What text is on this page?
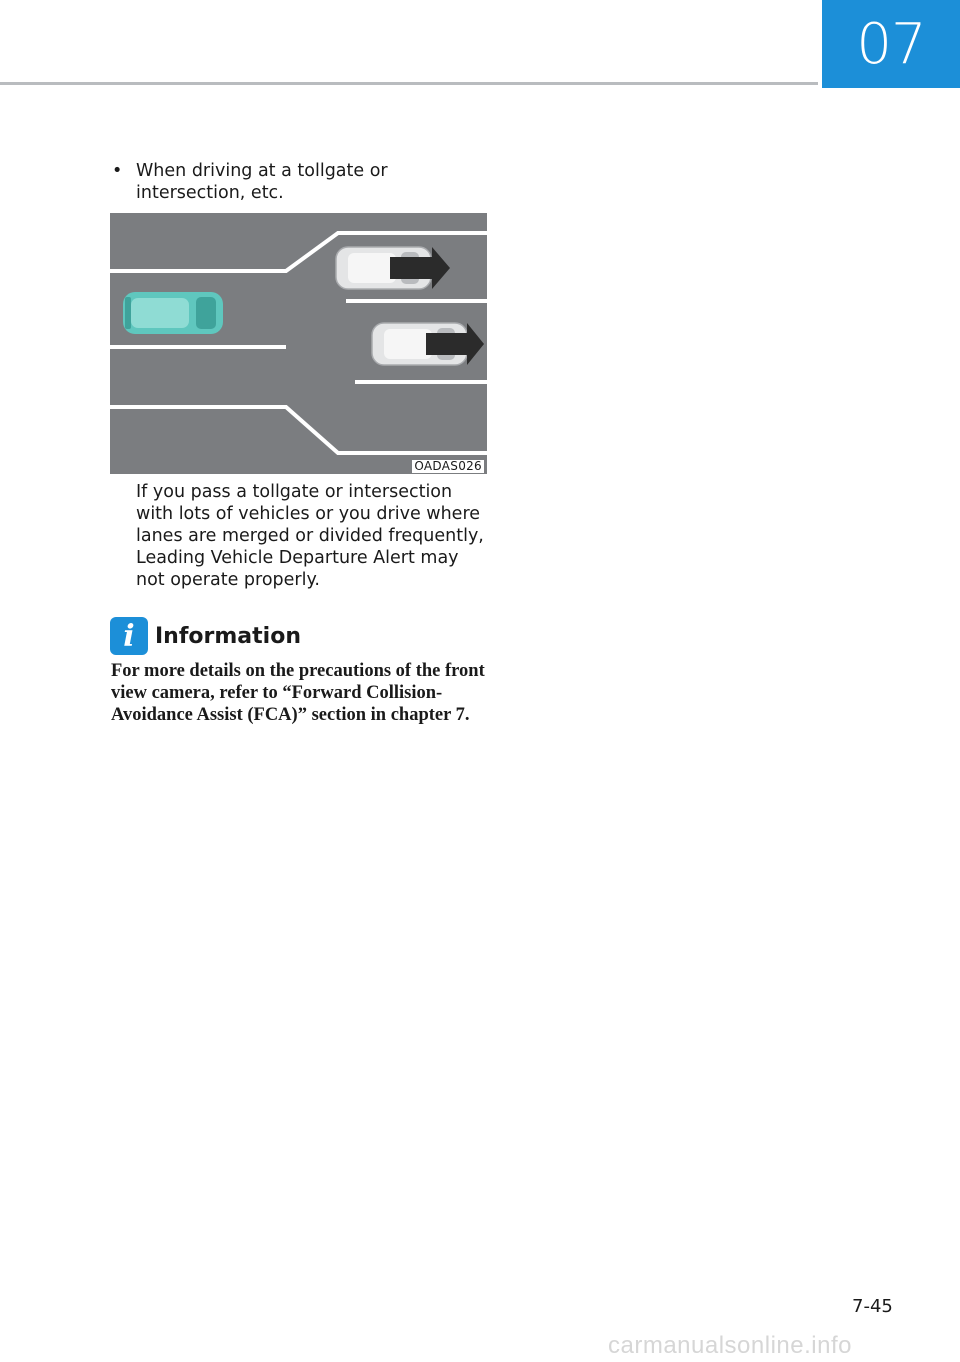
07
• When driving at a tollgate or intersection, etc.
OADAS026

If you pass a tollgate or intersection with lots of vehicles or you drive where lanes are merged or divided frequently, Leading Vehicle Departure Alert may not operate properly.

i Information

For more details on the precautions of the front view camera, refer to “Forward Collision-Avoidance Assist (FCA)” section in chapter 7.

7-45
carmanualsonline.info
